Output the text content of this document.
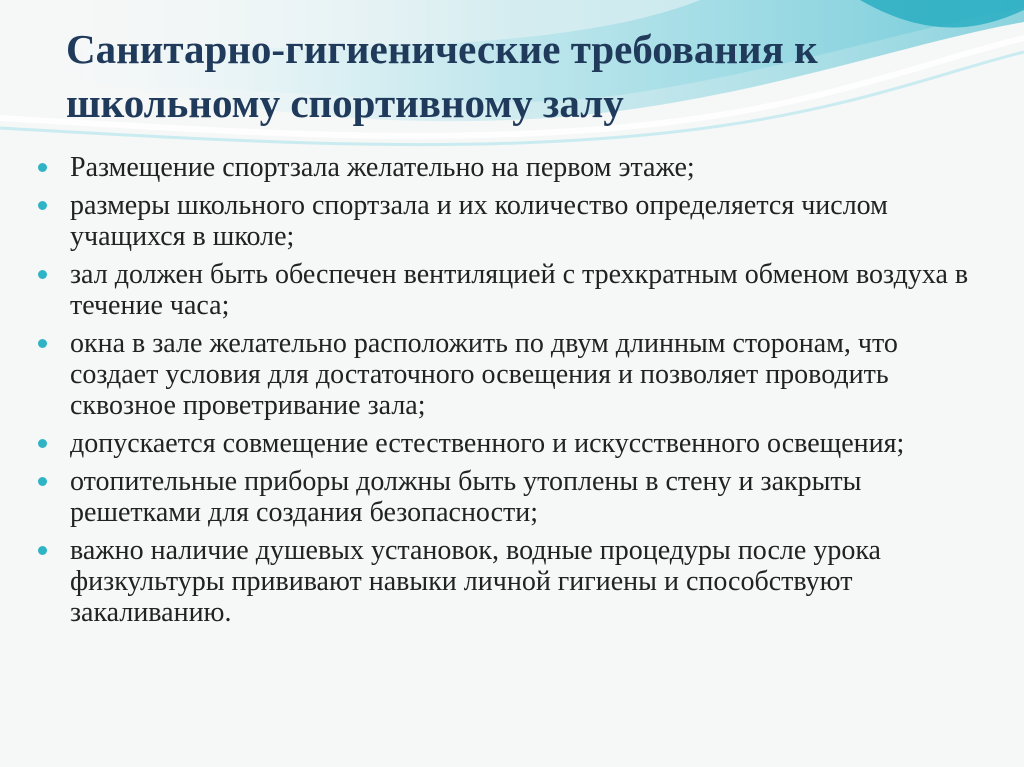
Санитарно-гигиенические требования к школьному спортивному залу
Размещение спортзала желательно на первом этаже;
размеры школьного спортзала и их количество определяется числом учащихся в школе;
зал должен быть обеспечен вентиляцией с трехкратным обменом воздуха в течение часа;
окна в зале желательно расположить по двум длинным сторонам, что создает условия для достаточного освещения и позволяет проводить сквозное проветривание зала;
допускается совмещение естественного и искусственного освещения;
отопительные приборы должны быть утоплены в стену и закрыты решетками для создания безопасности;
важно наличие душевых установок, водные процедуры после урока физкультуры прививают навыки личной гигиены и способствуют закаливанию.
